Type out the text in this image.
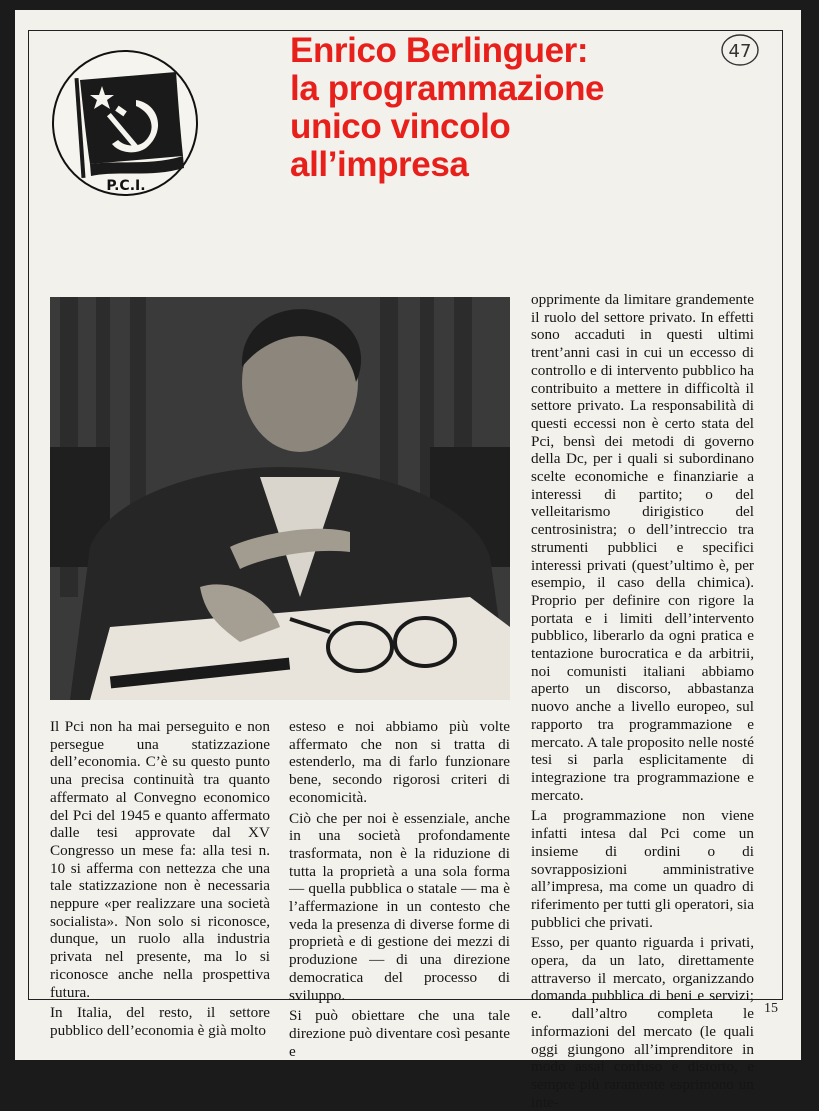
P.C.I.
Enrico Berlinguer:
la programmazione
unico vincolo
all’impresa
47

Il Pci non ha mai perseguito e non persegue una statizzazione dell’economia. C’è su questo punto una precisa continuità tra quanto affermato al Convegno economico del Pci del 1945 e quanto affermato dalle tesi approvate dal XV Congresso un mese fa: alla tesi n. 10 si afferma con nettezza che una tale statizzazione non è necessaria neppure «per realizzare una società socialista». Non solo si riconosce, dunque, un ruolo alla industria privata nel presente, ma lo si riconosce anche nella prospettiva futura.

In Italia, del resto, il settore pubblico dell’economia è già molto

esteso e noi abbiamo più volte affermato che non si tratta di estenderlo, ma di farlo funzionare bene, secondo rigorosi criteri di economicità.

Ciò che per noi è essenziale, anche in una società profondamente trasformata, non è la riduzione di tutta la proprietà a una sola forma — quella pubblica o statale — ma è l’affermazione in un contesto che veda la presenza di diverse forme di proprietà e di gestione dei mezzi di produzione — di una direzione democratica del processo di sviluppo.

Si può obiettare che una tale direzione può diventare così pesante e

opprimente da limitare grandemente il ruolo del settore privato. In effetti sono accaduti in questi ultimi trent’anni casi in cui un eccesso di controllo e di intervento pubblico ha contribuito a mettere in difficoltà il settore privato. La responsabilità di questi eccessi non è certo stata del Pci, bensì dei metodi di governo della Dc, per i quali si subordinano scelte economiche e finanziarie a interessi di partito; o del velleitarismo dirigistico del centrosinistra; o dell’intreccio tra strumenti pubblici e specifici interessi privati (quest’ultimo è, per esempio, il caso della chimica). Proprio per definire con rigore la portata e i limiti dell’intervento pubblico, liberarlo da ogni pratica e tentazione burocratica e da arbitrii, noi comunisti italiani abbiamo aperto un discorso, abbastanza nuovo anche a livello europeo, sul rapporto tra programmazione e mercato. A tale proposito nelle nosté tesi si parla esplicitamente di integrazione tra programmazione e mercato.

La programmazione non viene infatti intesa dal Pci come un insieme di ordini o di sovrapposizioni amministrative all’impresa, ma come un quadro di riferimento per tutti gli operatori, sia pubblici che privati.

Esso, per quanto riguarda i privati, opera, da un lato, direttamente attraverso il mercato, organizzando domanda pubblica di beni e servizi; e. dall’altro completa le informazioni del mercato (le quali oggi giungono all’imprenditore in modo assai confuso e distorto, e sempre più raramente esprimono un inte-

15
